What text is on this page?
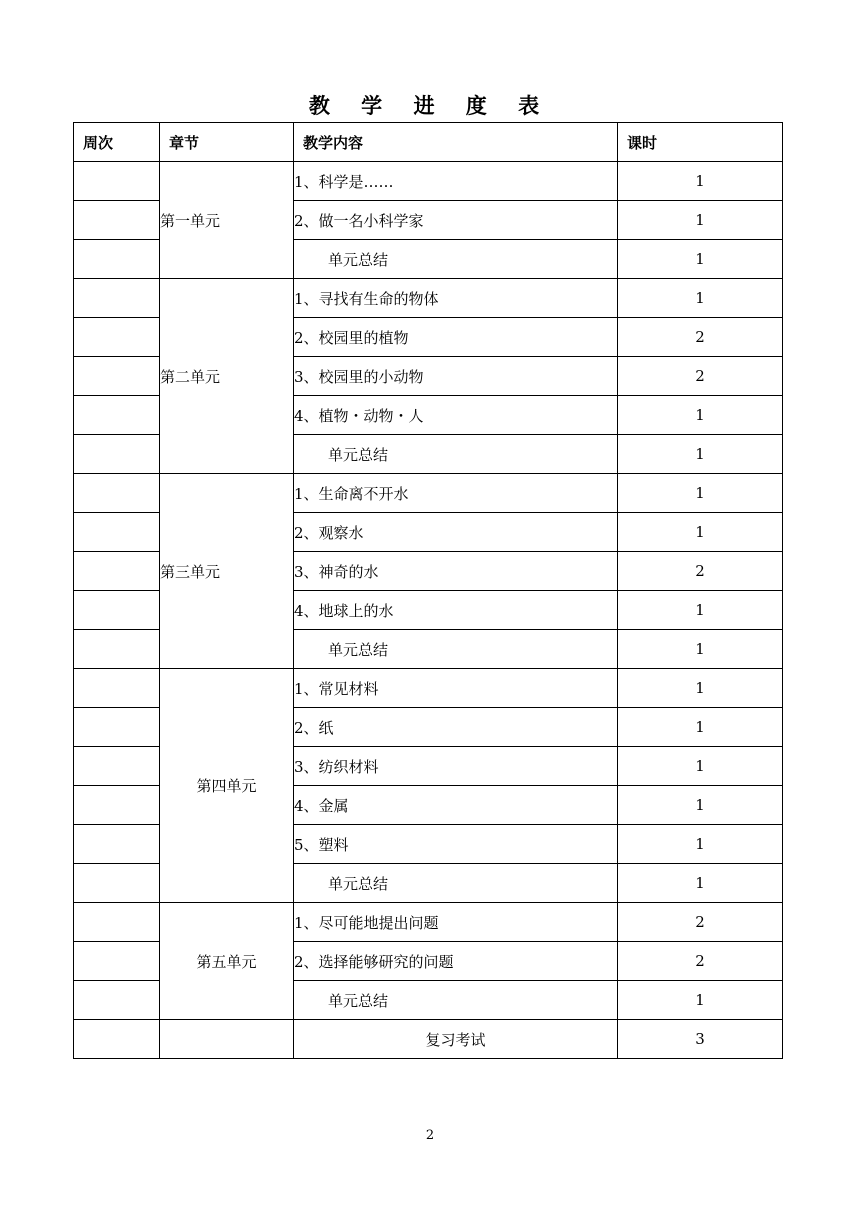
教 学 进 度 表
周次	章节	教学内容	课时
	第一单元	1、科学是……	1
		2、做一名小科学家	1
		单元总结	1
	第二单元	1、寻找有生命的物体	1
		2、校园里的植物	2
		3、校园里的小动物	2
		4、植物・动物・人	1
		单元总结	1
	第三单元	1、生命离不开水	1
		2、观察水	1
		3、神奇的水	2
		4、地球上的水	1
		单元总结	1
	第四单元	1、常见材料	1
		2、纸	1
		3、纺织材料	1
		4、金属	1
		5、塑料	1
		单元总结	1
	第五单元	1、尽可能地提出问题	2
		2、选择能够研究的问题	2
		单元总结	1
		复习考试	3
2
